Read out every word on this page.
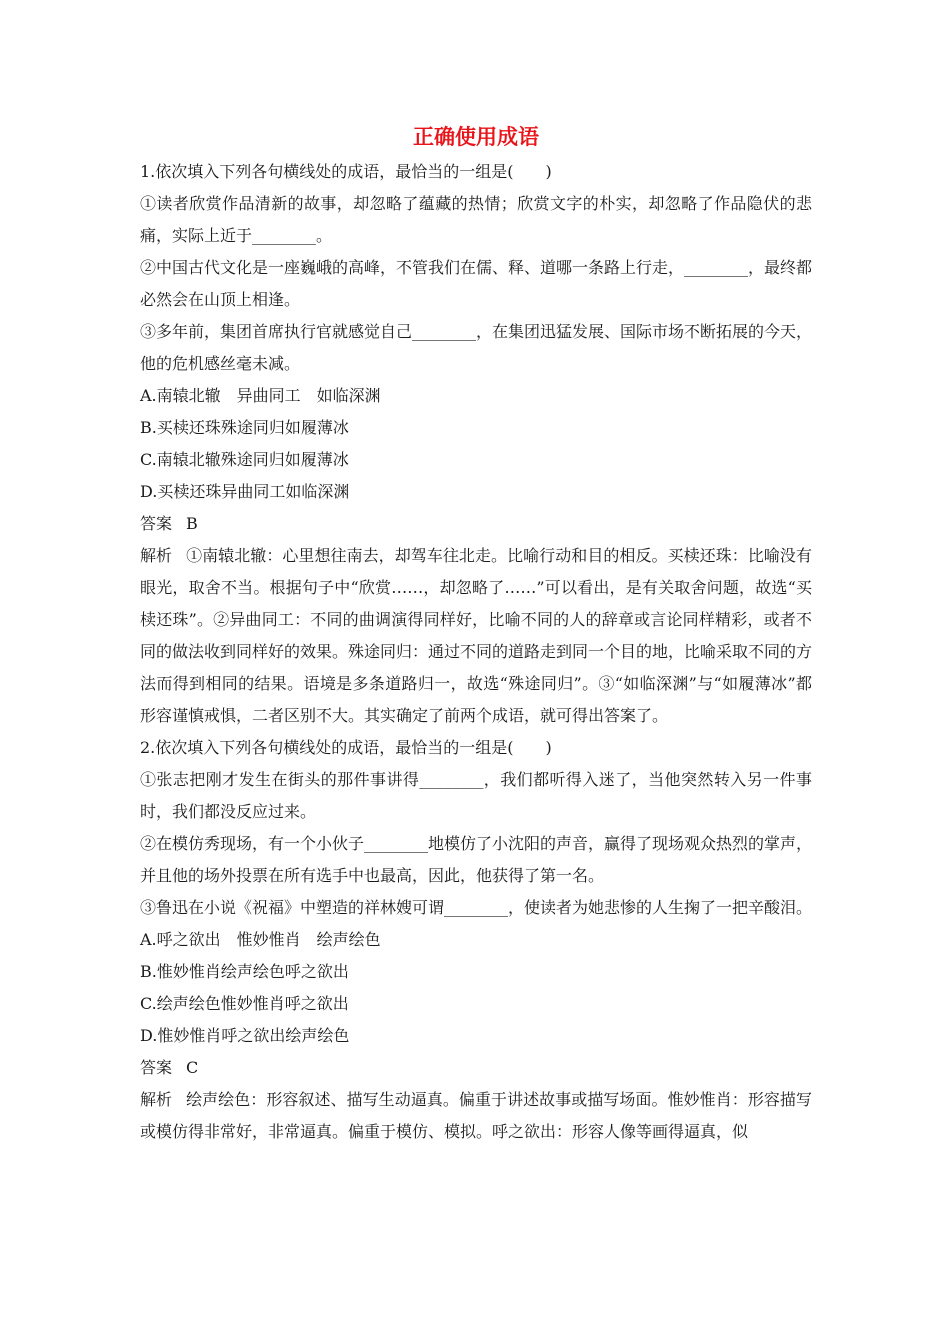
正确使用成语

1.依次填入下列各句横线处的成语，最恰当的一组是(　　)

①读者欣赏作品清新的故事，却忽略了蕴藏的热情；欣赏文字的朴实，却忽略了作品隐伏的悲痛，实际上近于________。

②中国古代文化是一座巍峨的高峰，不管我们在儒、释、道哪一条路上行走，________，最终都必然会在山顶上相逢。

③多年前，集团首席执行官就感觉自己________，在集团迅猛发展、国际市场不断拓展的今天，他的危机感丝毫未减。

A.南辕北辙　异曲同工　如临深渊

B.买椟还珠殊途同归如履薄冰

C.南辕北辙殊途同归如履薄冰

D.买椟还珠异曲同工如临深渊

答案 B

解析 ①南辕北辙：心里想往南去，却驾车往北走。比喻行动和目的相反。买椟还珠：比喻没有眼光，取舍不当。根据句子中“欣赏……，却忽略了……”可以看出，是有关取舍问题，故选“买椟还珠”。②异曲同工：不同的曲调演得同样好，比喻不同的人的辞章或言论同样精彩，或者不同的做法收到同样好的效果。殊途同归：通过不同的道路走到同一个目的地，比喻采取不同的方法而得到相同的结果。语境是多条道路归一，故选“殊途同归”。③“如临深渊”与“如履薄冰”都形容谨慎戒惧，二者区别不大。其实确定了前两个成语，就可得出答案了。

2.依次填入下列各句横线处的成语，最恰当的一组是(　　)

①张志把刚才发生在街头的那件事讲得________，我们都听得入迷了，当他突然转入另一件事时，我们都没反应过来。

②在模仿秀现场，有一个小伙子________地模仿了小沈阳的声音，赢得了现场观众热烈的掌声，并且他的场外投票在所有选手中也最高，因此，他获得了第一名。

③鲁迅在小说《祝福》中塑造的祥林嫂可谓________，使读者为她悲惨的人生掬了一把辛酸泪。

A.呼之欲出　惟妙惟肖　绘声绘色

B.惟妙惟肖绘声绘色呼之欲出

C.绘声绘色惟妙惟肖呼之欲出

D.惟妙惟肖呼之欲出绘声绘色

答案 C

解析 绘声绘色：形容叙述、描写生动逼真。偏重于讲述故事或描写场面。惟妙惟肖：形容描写或模仿得非常好，非常逼真。偏重于模仿、模拟。呼之欲出：形容人像等画得逼真，似
